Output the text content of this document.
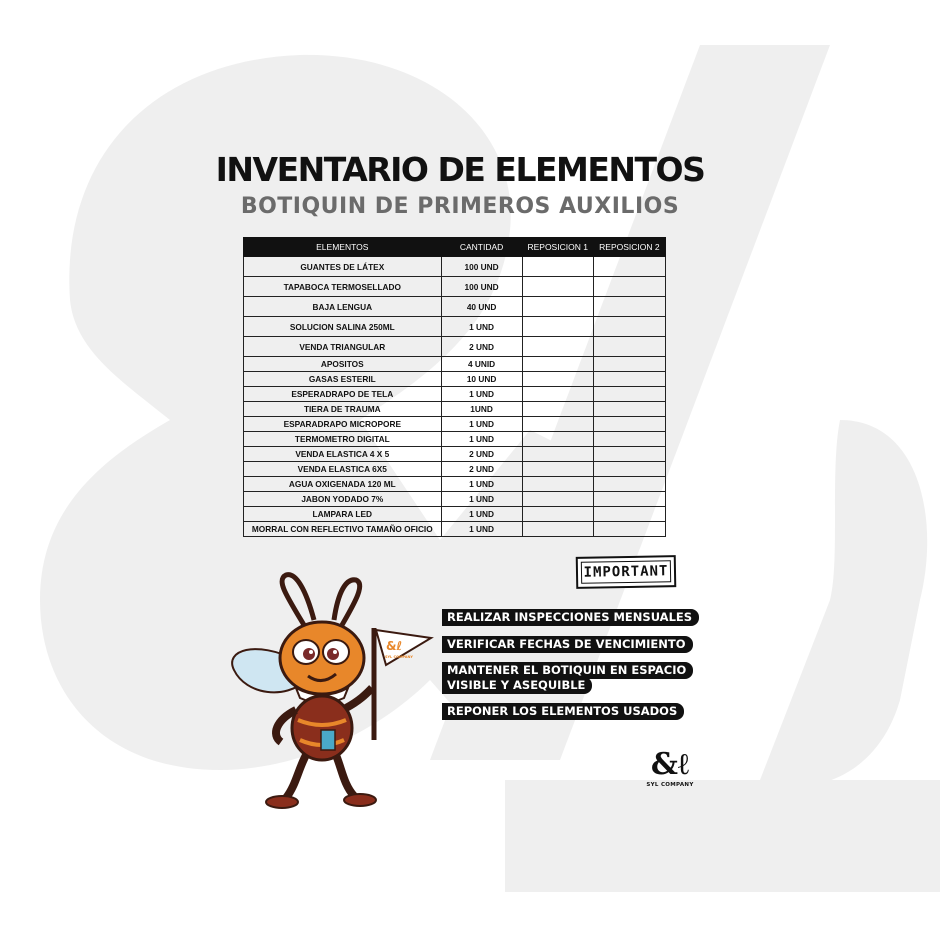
INVENTARIO DE ELEMENTOS
BOTIQUIN DE PRIMEROS AUXILIOS
ELEMENTOS	CANTIDAD	REPOSICION 1	REPOSICION 2
GUANTES DE LÁTEX	100 UND		
TAPABOCA TERMOSELLADO	100 UND		
BAJA LENGUA	40 UND		
SOLUCION SALINA 250ML	1 UND		
VENDA TRIANGULAR	2 UND		
APOSITOS	4 UNID		
GASAS ESTERIL	10 UND		
ESPERADRAPO DE TELA	1 UND		
TIERA DE TRAUMA	1UND		
ESPARADRAPO MICROPORE	1 UND		
TERMOMETRO DIGITAL	1 UND		
VENDA ELASTICA 4 X 5	2 UND		
VENDA ELASTICA 6X5	2 UND		
AGUA OXIGENADA 120 ML	1 UND		
JABON YODADO 7%	1 UND		
LAMPARA LED	1 UND		
MORRAL CON REFLECTIVO TAMAÑO OFICIO	1 UND		
IMPORTANT
REALIZAR INSPECCIONES MENSUALES
VERIFICAR FECHAS DE VENCIMIENTO
MANTENER EL BOTIQUIN EN ESPACIO
VISIBLE Y ASEQUIBLE
REPONER LOS ELEMENTOS USADOS
&ℓ
SYL COMPANY
&ℓ
SYL COMPANY
